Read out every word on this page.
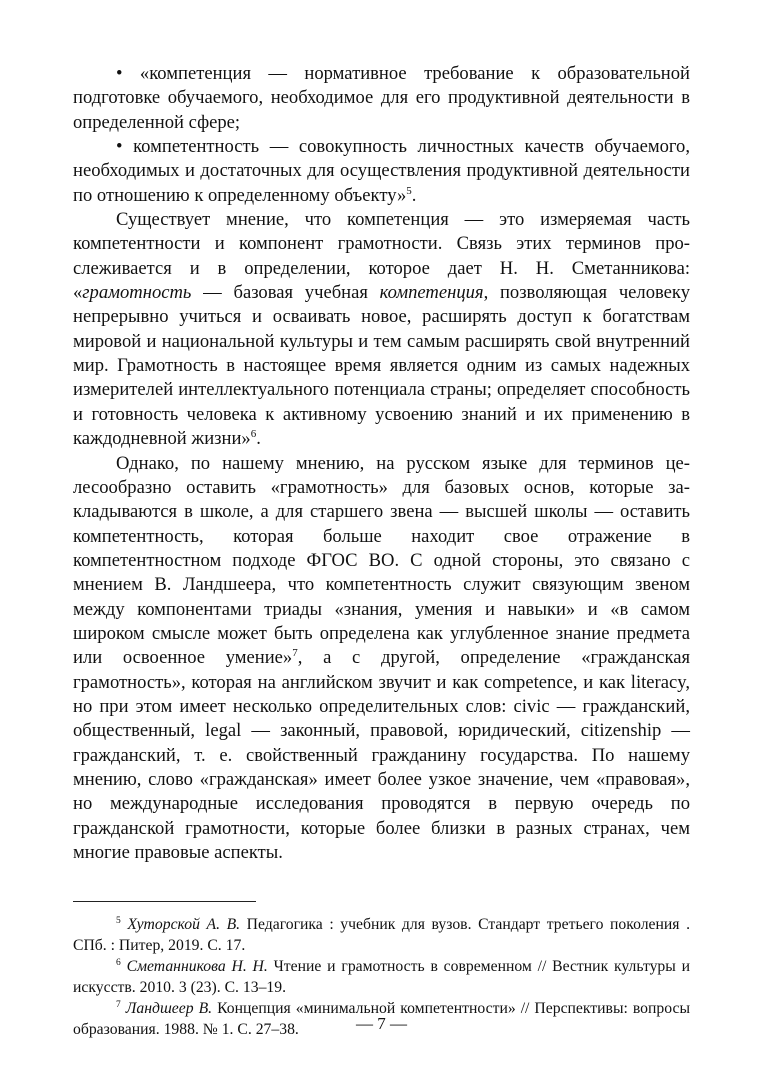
• «компетенция — нормативное требование к образовательной подготовке обучаемого, необходимое для его продуктивной деятельности в определенной сфере;

• компетентность — совокупность личностных качеств обучаемого, необходимых и достаточных для осуществления продуктивной деятельности по отношению к определенному объекту»$^5$.

Существует мнение, что компетенция — это измеряемая часть компетентности и компонент грамотности. Связь этих терминов прослеживается и в определении, которое дает Н. Н. Сметанникова: «грамотность — базовая учебная компетенция, позволяющая человеку непрерывно учиться и осваивать новое, расширять доступ к богатствам мировой и национальной культуры и тем самым расширять свой внутренний мир. Грамотность в настоящее время является одним из самых надежных измерителей интеллектуального потенциала страны; определяет способность и готовность человека к активному усвоению знаний и их применению в каждодневной жизни»$^6$.

Однако, по нашему мнению, на русском языке для терминов целесообразно оставить «грамотность» для базовых основ, которые закладываются в школе, а для старшего звена — высшей школы — оставить компетентность, которая больше находит свое отражение в компетентностном подходе ФГОС ВО. С одной стороны, это связано с мнением В. Ландшеера, что компетентность служит связующим звеном между компонентами триады «знания, умения и навыки» и «в самом широком смысле может быть определена как углубленное знание предмета или освоенное умение»$^7$, а с другой, определение «гражданская грамотность», которая на английском звучит и как competence, и как literacy, но при этом имеет несколько определительных слов: civic — гражданский, общественный, legal — законный, правовой, юридический, citizenship — гражданский, т. е. свойственный гражданину государства. По нашему мнению, слово «гражданская» имеет более узкое значение, чем «правовая», но международные исследования проводятся в первую очередь по гражданской грамотности, которые более близки в разных странах, чем многие правовые аспекты.

$^5$ Хуторской А. В. Педагогика : учебник для вузов. Стандарт третьего поколения . СПб. : Питер, 2019. С. 17.

$^6$ Сметанникова Н. Н. Чтение и грамотность в современном // Вестник культуры и искусств. 2010. 3 (23). С. 13–19.

$^7$ Ландшеер В. Концепция «минимальной компетентности» // Перспективы: вопросы образования. 1988. № 1. С. 27–38.	— 7 —
